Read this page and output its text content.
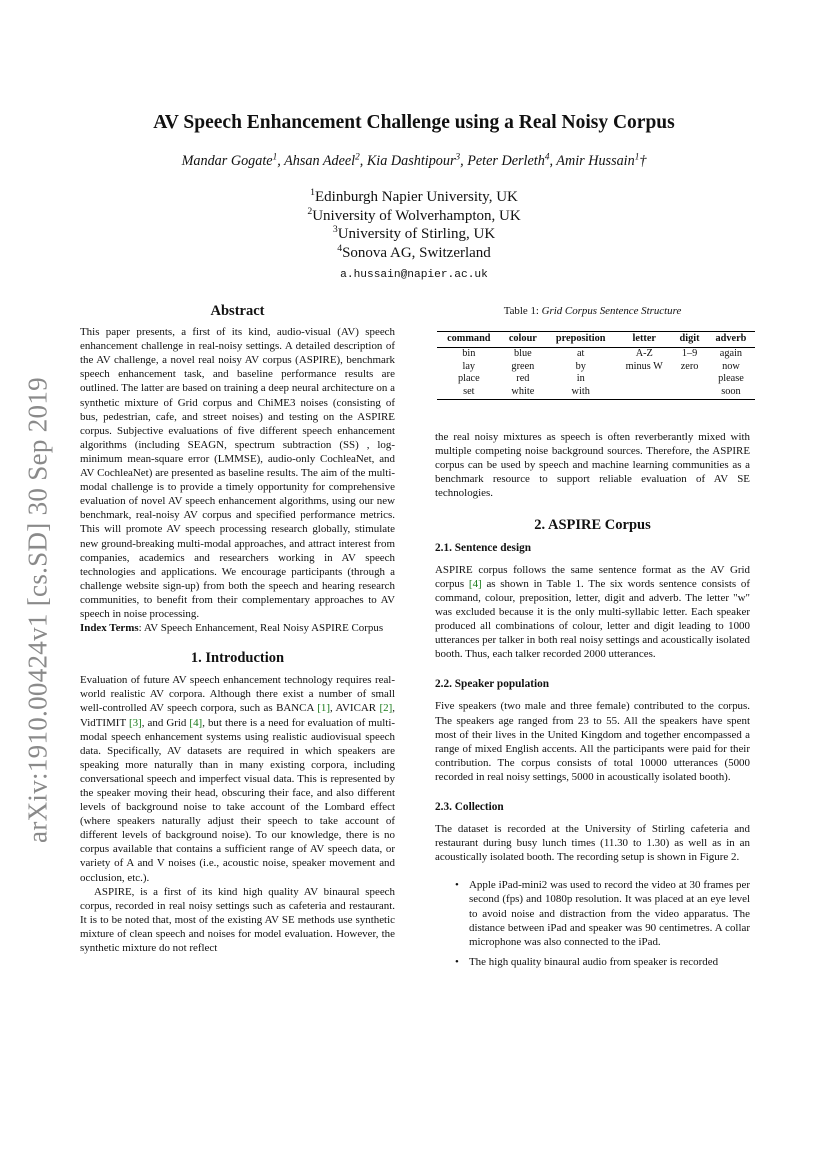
arXiv:1910.00424v1 [cs.SD] 30 Sep 2019
AV Speech Enhancement Challenge using a Real Noisy Corpus
Mandar Gogate$^1$, Ahsan Adeel$^2$, Kia Dashtipour$^3$, Peter Derleth$^4$, Amir Hussain$^1$†
$^1$Edinburgh Napier University, UK
$^2$University of Wolverhampton, UK
$^3$University of Stirling, UK
$^4$Sonova AG, Switzerland
a.hussain@napier.ac.uk

Abstract

This paper presents, a first of its kind, audio-visual (AV) speech enhancement challenge in real-noisy settings. A detailed description of the AV challenge, a novel real noisy AV corpus (ASPIRE), benchmark speech enhancement task, and baseline performance results are outlined. The latter are based on training a deep neural architecture on a synthetic mixture of Grid corpus and ChiME3 noises (consisting of bus, pedestrian, cafe, and street noises) and testing on the ASPIRE corpus. Subjective evaluations of five different speech enhancement algorithms (including SEAGN, spectrum subtraction (SS) , log-minimum mean-square error (LMMSE), audio-only CochleaNet, and AV CochleaNet) are presented as baseline results. The aim of the multi-modal challenge is to provide a timely opportunity for comprehensive evaluation of novel AV speech enhancement algorithms, using our new benchmark, real-noisy AV corpus and specified performance metrics. This will promote AV speech processing research globally, stimulate new ground-breaking multi-modal approaches, and attract interest from companies, academics and researchers working in AV speech technologies and applications. We encourage participants (through a challenge website sign-up) from both the speech and hearing research communities, to benefit from their complementary approaches to AV speech in noise processing.

Index Terms: AV Speech Enhancement, Real Noisy ASPIRE Corpus

1. Introduction

Evaluation of future AV speech enhancement technology requires real-world realistic AV corpora. Although there exist a number of small well-controlled AV speech corpora, such as BANCA [1], AVICAR [2], VidTIMIT [3], and Grid [4], but there is a need for evaluation of multi-modal speech enhancement systems using realistic audiovisual speech data. Specifically, AV datasets are required in which speakers are speaking more naturally than in many existing corpora, including conversational speech and imperfect visual data. This is represented by the speaker moving their head, obscuring their face, and also different levels of background noise to take account of the Lombard effect (where speakers naturally adjust their speech to take account of different levels of background noise). To our knowledge, there is no corpus available that contains a sufficient range of AV speech data, or variety of A and V noises (i.e., acoustic noise, speaker movement and occlusion, etc.).

ASPIRE, is a first of its kind high quality AV binaural speech corpus, recorded in real noisy settings such as cafeteria and restaurant. It is to be noted that, most of the existing AV SE methods use synthetic mixture of clean speech and noises for model evaluation. However, the synthetic mixture do not reflect

Table 1: Grid Corpus Sentence Structure
command	colour	preposition	letter	digit	adverb
bin	blue	at	A-Z	1–9	again
lay	green	by	minus W	zero	now
place	red	in			please
set	white	with			soon

the real noisy mixtures as speech is often reverberantly mixed with multiple competing noise background sources. Therefore, the ASPIRE corpus can be used by speech and machine learning communities as a benchmark resource to support reliable evaluation of AV SE technologies.

2. ASPIRE Corpus

2.1. Sentence design

ASPIRE corpus follows the same sentence format as the AV Grid corpus [4] as shown in Table 1. The six words sentence consists of command, colour, preposition, letter, digit and adverb. The letter "w" was excluded because it is the only multi-syllabic letter. Each speaker produced all combinations of colour, letter and digit leading to 1000 utterances per talker in both real noisy settings and acoustically isolated booth. Thus, each talker recorded 2000 utterances.

2.2. Speaker population

Five speakers (two male and three female) contributed to the corpus. The speakers age ranged from 23 to 55. All the speakers have spent most of their lives in the United Kingdom and together encompassed a range of mixed English accents. All the participants were paid for their contribution. The corpus consists of total 10000 utterances (5000 recorded in real noisy settings, 5000 in acoustically isolated booth).

2.3. Collection

The dataset is recorded at the University of Stirling cafeteria and restaurant during busy lunch times (11.30 to 1.30) as well as in an acoustically isolated booth. The recording setup is shown in Figure 2.

• Apple iPad-mini2 was used to record the video at 30 frames per second (fps) and 1080p resolution. It was placed at an eye level to avoid noise and distraction from the video apparatus. The distance between iPad and speaker was 90 centimetres. A collar microphone was also connected to the iPad.
• The high quality binaural audio from speaker is recorded
